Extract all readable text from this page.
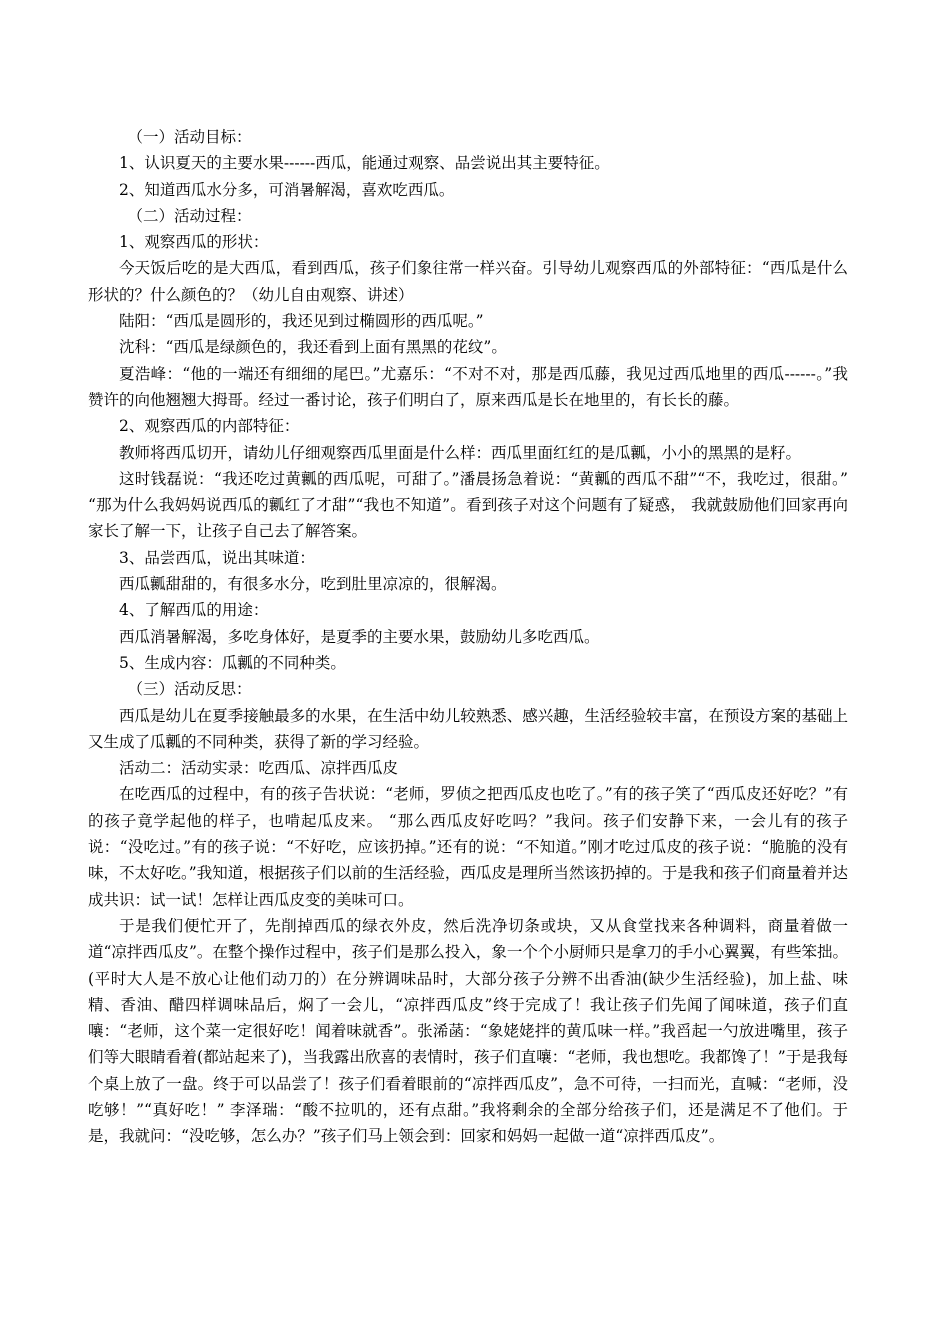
（一）活动目标：

1、认识夏天的主要水果------西瓜，能通过观察、品尝说出其主要特征。

2、知道西瓜水分多，可消暑解渴，喜欢吃西瓜。

（二）活动过程：

1、观察西瓜的形状：

今天饭后吃的是大西瓜，看到西瓜，孩子们象往常一样兴奋。引导幼儿观察西瓜的外部特征：“西瓜是什么形状的？什么颜色的？（幼儿自由观察、讲述）

陆阳：“西瓜是圆形的，我还见到过椭圆形的西瓜呢。”

沈科：“西瓜是绿颜色的，我还看到上面有黑黑的花纹”。

夏浩峰：“他的一端还有细细的尾巴。”尤嘉乐：“不对不对，那是西瓜藤，我见过西瓜地里的西瓜------。”我赞许的向他翘翘大拇哥。经过一番讨论，孩子们明白了，原来西瓜是长在地里的，有长长的藤。

2、观察西瓜的内部特征：

教师将西瓜切开，请幼儿仔细观察西瓜里面是什么样：西瓜里面红红的是瓜瓤，小小的黑黑的是籽。

这时钱磊说：“我还吃过黄瓤的西瓜呢，可甜了。”潘晨扬急着说：“黄瓤的西瓜不甜”“不，我吃过，很甜。” “那为什么我妈妈说西瓜的瓤红了才甜”“我也不知道”。看到孩子对这个问题有了疑惑， 我就鼓励他们回家再向家长了解一下，让孩子自己去了解答案。

3、品尝西瓜，说出其味道：

西瓜瓤甜甜的，有很多水分，吃到肚里凉凉的，很解渴。

4、了解西瓜的用途：

西瓜消暑解渴，多吃身体好，是夏季的主要水果，鼓励幼儿多吃西瓜。

5、生成内容：瓜瓤的不同种类。

（三）活动反思：

西瓜是幼儿在夏季接触最多的水果，在生活中幼儿较熟悉、感兴趣，生活经验较丰富，在预设方案的基础上又生成了瓜瓤的不同种类，获得了新的学习经验。

活动二：活动实录：吃西瓜、凉拌西瓜皮

在吃西瓜的过程中，有的孩子告状说：“老师，罗侦之把西瓜皮也吃了。”有的孩子笑了“西瓜皮还好吃？”有的孩子竟学起他的样子，也啃起瓜皮来。 “那么西瓜皮好吃吗？”我问。孩子们安静下来，一会儿有的孩子说：“没吃过。”有的孩子说：“不好吃，应该扔掉。”还有的说：“不知道。”刚才吃过瓜皮的孩子说：“脆脆的没有味，不太好吃。”我知道，根据孩子们以前的生活经验，西瓜皮是理所当然该扔掉的。于是我和孩子们商量着并达成共识：试一试！怎样让西瓜皮变的美味可口。

于是我们便忙开了，先削掉西瓜的绿衣外皮，然后洗净切条或块，又从食堂找来各种调料，商量着做一道“凉拌西瓜皮”。在整个操作过程中，孩子们是那么投入，象一个个小厨师只是拿刀的手小心翼翼，有些笨拙。(平时大人是不放心让他们动刀的）在分辨调味品时，大部分孩子分辨不出香油(缺少生活经验)，加上盐、味精、香油、醋四样调味品后，焖了一会儿，“凉拌西瓜皮”终于完成了！我让孩子们先闻了闻味道，孩子们直嚷：“老师，这个菜一定很好吃！闻着味就香”。张浠菡：“象姥姥拌的黄瓜味一样。”我舀起一勺放进嘴里，孩子们等大眼睛看着(都站起来了)，当我露出欣喜的表情时，孩子们直嚷：“老师，我也想吃。我都馋了！”于是我每个桌上放了一盘。终于可以品尝了！孩子们看着眼前的“凉拌西瓜皮”，急不可待，一扫而光，直喊：“老师，没吃够！”“真好吃！” 李泽瑞：“酸不拉叽的，还有点甜。”我将剩余的全部分给孩子们，还是满足不了他们。于是，我就问：“没吃够，怎么办？”孩子们马上领会到：回家和妈妈一起做一道“凉拌西瓜皮”。
